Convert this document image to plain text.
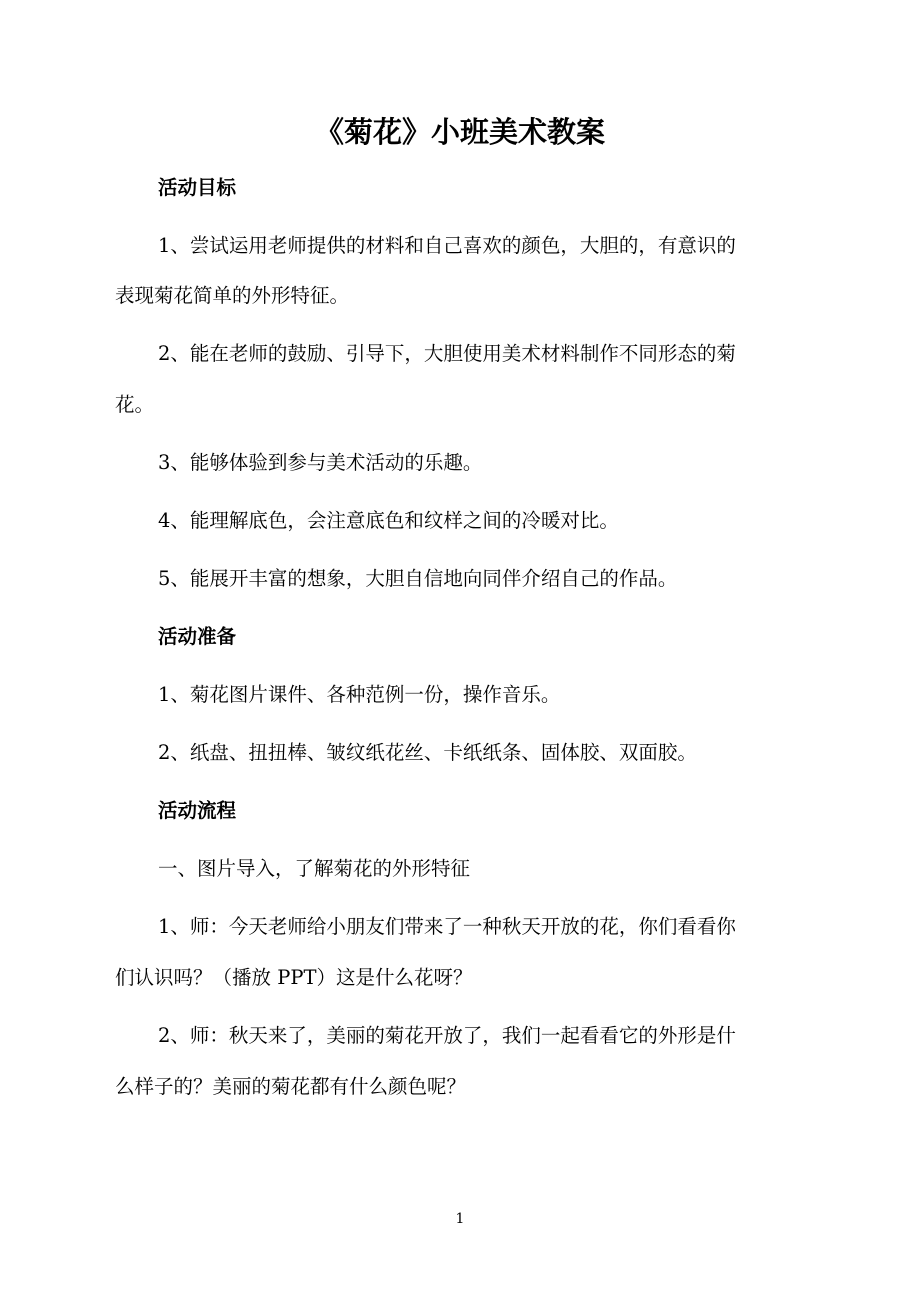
《菊花》小班美术教案

活动目标

1、尝试运用老师提供的材料和自己喜欢的颜色，大胆的，有意识的

表现菊花简单的外形特征。

2、能在老师的鼓励、引导下，大胆使用美术材料制作不同形态的菊

花。

3、能够体验到参与美术活动的乐趣。

4、能理解底色，会注意底色和纹样之间的冷暖对比。

5、能展开丰富的想象，大胆自信地向同伴介绍自己的作品。

活动准备

1、菊花图片课件、各种范例一份，操作音乐。

2、纸盘、扭扭棒、皱纹纸花丝、卡纸纸条、固体胶、双面胶。

活动流程

一、图片导入，了解菊花的外形特征

1、师：今天老师给小朋友们带来了一种秋天开放的花，你们看看你

们认识吗？（播放 PPT）这是什么花呀？

2、师：秋天来了，美丽的菊花开放了，我们一起看看它的外形是什

么样子的？美丽的菊花都有什么颜色呢？

1
